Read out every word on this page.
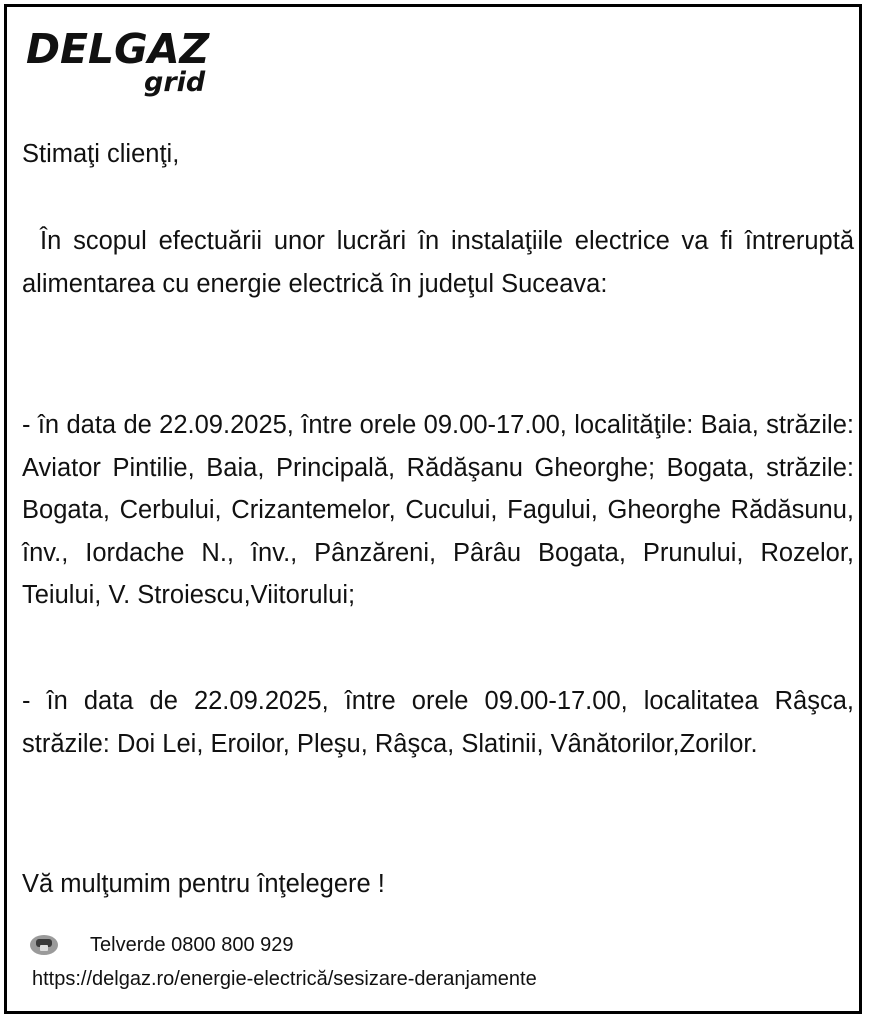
DELGAZ
grid
Stimaţi clienţi,

În scopul efectuării unor lucrări în instalaţiile electrice va fi întreruptă alimentarea cu energie electrică în judeţul Suceava:

- în data de 22.09.2025, între orele 09.00-17.00, localităţile: Baia, străzile: Aviator Pintilie, Baia, Principală, Rădăşanu Gheorghe; Bogata, străzile: Bogata, Cerbului, Crizantemelor, Cucului, Fagului, Gheorghe Rădăsunu, înv., Iordache N., înv., Pânzăreni, Pârâu Bogata, Prunului, Rozelor, Teiului, V. Stroiescu,Viitorului;

- în data de 22.09.2025, între orele 09.00-17.00, localitatea Râşca, străzile: Doi Lei, Eroilor, Pleşu, Râşca, Slatinii, Vânătorilor,Zorilor.

Vă mulţumim pentru înţelegere !
Telverde 0800 800 929
https://delgaz.ro/energie-electrică/sesizare-deranjamente
